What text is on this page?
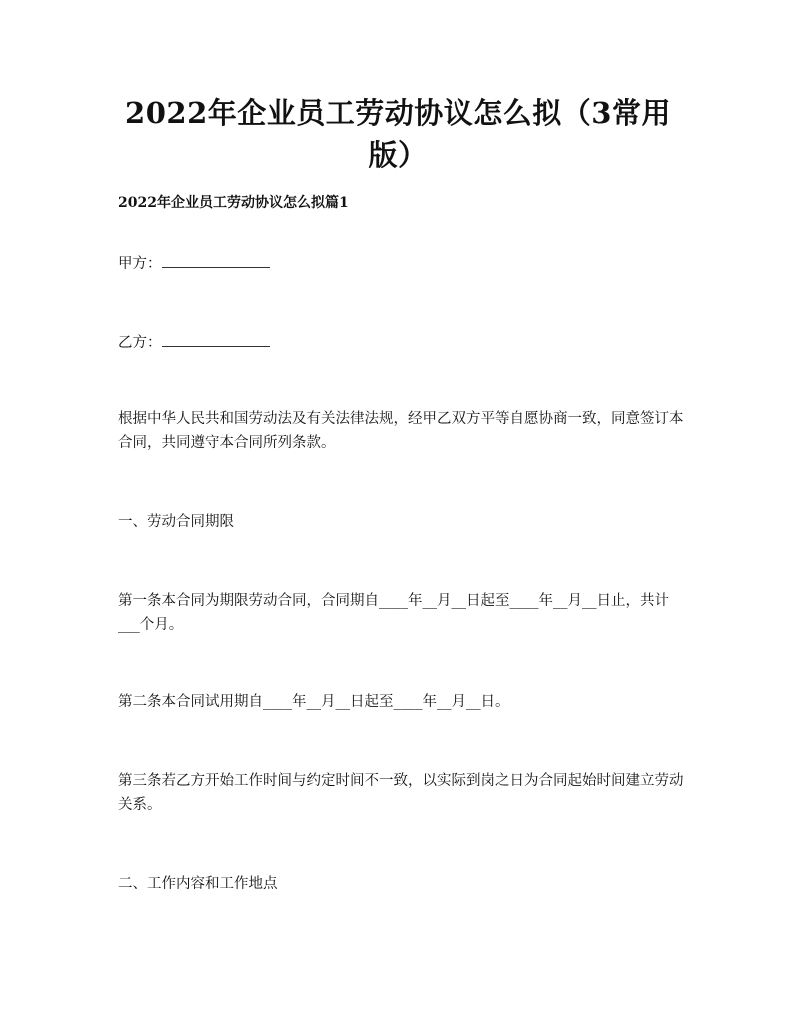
2022年企业员工劳动协议怎么拟（3常用版）
2022年企业员工劳动协议怎么拟篇1

甲方：

乙方：

根据中华人民共和国劳动法及有关法律法规，经甲乙双方平等自愿协商一致，同意签订本合同，共同遵守本合同所列条款。

一、劳动合同期限

第一条本合同为期限劳动合同，合同期自____年__月__日起至____年__月__日止，共计___个月。

第二条本合同试用期自____年__月__日起至____年__月__日。

第三条若乙方开始工作时间与约定时间不一致，以实际到岗之日为合同起始时间建立劳动关系。

二、工作内容和工作地点
